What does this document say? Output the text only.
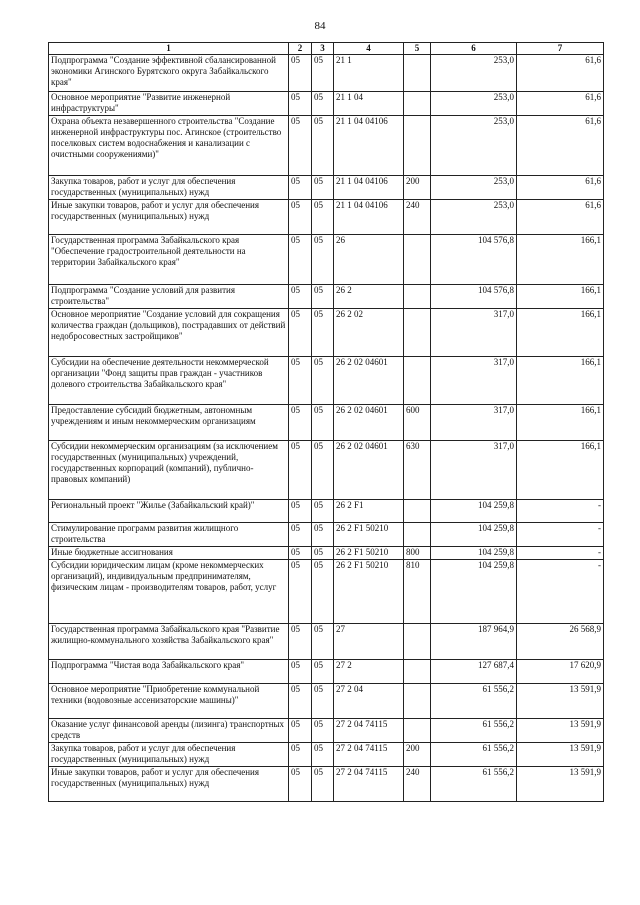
84
1	2	3	4	5	6	7
Подпрограмма "Создание эффективной сбалансированной экономики Агинского Бурятского округа Забайкальского края"	05	05	21 1		253,0	61,6
Основное мероприятие "Развитие инженерной инфраструктуры"	05	05	21 1 04		253,0	61,6
Охрана объекта незавершенного строительства "Создание инженерной инфраструктуры пос. Агинское (строительство поселковых систем водоснабжения и канализации с очистными сооружениями)"	05	05	21 1 04 04106		253,0	61,6
Закупка товаров, работ и услуг для обеспечения государственных (муниципальных) нужд	05	05	21 1 04 04106	200	253,0	61,6
Иные закупки товаров, работ и услуг для обеспечения государственных (муниципальных) нужд	05	05	21 1 04 04106	240	253,0	61,6
Государственная программа Забайкальского края "Обеспечение градостроительной деятельности на территории Забайкальского края"	05	05	26		104 576,8	166,1
Подпрограмма "Создание условий для развития строительства"	05	05	26 2		104 576,8	166,1
Основное мероприятие "Создание условий для сокращения количества граждан (дольщиков), пострадавших от действий недобросовестных застройщиков"	05	05	26 2 02		317,0	166,1
Субсидии на обеспечение деятельности некоммерческой организации "Фонд защиты прав граждан - участников долевого строительства Забайкальского края"	05	05	26 2 02 04601		317,0	166,1
Предоставление субсидий бюджетным, автономным учреждениям и иным некоммерческим организациям	05	05	26 2 02 04601	600	317,0	166,1
Субсидии некоммерческим организациям (за исключением государственных (муниципальных) учреждений, государственных корпораций (компаний), публично-правовых компаний)	05	05	26 2 02 04601	630	317,0	166,1
Региональный проект "Жилье (Забайкальский край)"	05	05	26 2 F1		104 259,8	-
Стимулирование программ развития жилищного строительства	05	05	26 2 F1 50210		104 259,8	-
Иные бюджетные ассигнования	05	05	26 2 F1 50210	800	104 259,8	-
Субсидии юридическим лицам (кроме некоммерческих организаций), индивидуальным предпринимателям, физическим лицам - производителям товаров, работ, услуг	05	05	26 2 F1 50210	810	104 259,8	-
Государственная программа Забайкальского края "Развитие жилищно-коммунального хозяйства Забайкальского края"	05	05	27		187 964,9	26 568,9
Подпрограмма "Чистая вода Забайкальского края"	05	05	27 2		127 687,4	17 620,9
Основное мероприятие "Приобретение коммунальной техники (водовозные ассенизаторские машины)"	05	05	27 2 04		61 556,2	13 591,9
Оказание услуг финансовой аренды (лизинга) транспортных средств	05	05	27 2 04 74115		61 556,2	13 591,9
Закупка товаров, работ и услуг для обеспечения государственных (муниципальных) нужд	05	05	27 2 04 74115	200	61 556,2	13 591,9
Иные закупки товаров, работ и услуг для обеспечения государственных (муниципальных) нужд	05	05	27 2 04 74115	240	61 556,2	13 591,9
